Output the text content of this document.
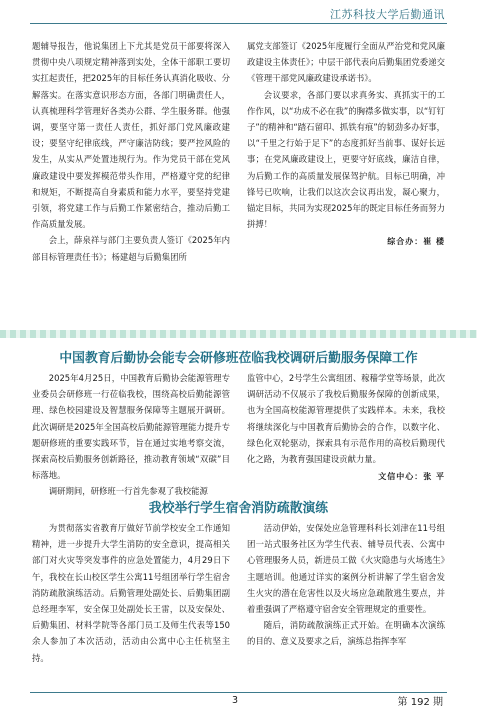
江苏科技大学后勤通讯

题辅导报告，他说集团上下尤其是党员干部要将深入贯彻中央八项规定精神落到实处，全体干部职工要切实扛起责任，把2025年的目标任务认真消化吸收、分解落实。在落实意识形态方面，各部门明确责任人，认真梳理科学管理好各类办公群、学生服务群。他强调，要坚守第一责任人责任，抓好部门党风廉政建设；要坚守纪律底线，严守廉洁防线；要严控风险的发生，从实从严处置违规行为。作为党员干部在党风廉政建设中要发挥模范带头作用，严格遵守党的纪律和规矩，不断提高自身素质和能力水平，要坚持党建引领，将党建工作与后勤工作紧密结合，推动后勤工作高质量发展。

会上，薛泉祥与部门主要负责人签订《2025年内部目标管理责任书》；杨建超与后勤集团所

属党支部签订《2025年度履行全面从严治党和党风廉政建设主体责任》；中层干部代表向后勤集团党委递交《管理干部党风廉政建设承诺书》。

会议要求，各部门要以求真务实、真抓实干的工作作风，以“功成不必在我”的胸襟多做实事，以“钉钉子”的精神和“踏石留印、抓铁有痕”的韧劲多办好事，以“千里之行始于足下”的态度抓好当前事、谋好长远事；在党风廉政建设上，更要守好底线，廉洁自律，为后勤工作的高质量发展保驾护航。目标已明确，冲锋号已吹响，让我们以这次会议再出发，凝心聚力，锚定目标，共同为实现2025年的既定目标任务而努力拼搏！

综合办：崔 楼

中国教育后勤协会能专会研修班莅临我校调研后勤服务保障工作

2025年4月25日，中国教育后勤协会能源管理专业委员会研修班一行莅临我校，围绕高校后勤能源管理、绿色校园建设及智慧服务保障等主题展开调研。此次调研是2025年全国高校后勤能源管理能力提升专题研修班的重要实践环节，旨在通过实地考察交流，探索高校后勤服务创新路径，推动教育领域“双碳”目标落地。

调研期间，研修班一行首先参观了我校能源

监管中心，2号学生公寓组团、稼穑学堂等场景，此次调研活动不仅展示了我校后勤服务保障的创新成果，也为全国高校能源管理提供了实践样本。未来，我校将继续深化与中国教育后勤协会的合作，以数字化、绿色化双轮驱动，探索具有示范作用的高校后勤现代化之路，为教育强国建设贡献力量。

文信中心：张 平

我校举行学生宿舍消防疏散演练

为贯彻落实省教育厅做好节前学校安全工作通知精神，进一步提升大学生消防的安全意识，提高相关部门对火灾等突发事件的应急处置能力，4月29日下午，我校在长山校区学生公寓11号组团举行学生宿舍消防疏散演练活动。后勤管理处副处长、后勤集团副总经理李军，安全保卫处副处长王雷，以及安保处、后勤集团、材料学院等各部门员工及师生代表等150余人参加了本次活动，活动由公寓中心主任杭坚主持。

活动伊始，安保处应急管理科科长刘津在11号组团一站式服务社区为学生代表、辅导员代表、公寓中心管理服务人员，新进员工做《火灾隐患与火场逃生》主题培训。他通过详实的案例分析讲解了学生宿舍发生火灾的潜在危害性以及火场应急疏散逃生要点，并着重强调了严格遵守宿舍安全管理规定的重要性。

随后，消防疏散演练正式开始。在明确本次演练的目的、意义及要求之后，演练总指挥李军

3	第 192 期
